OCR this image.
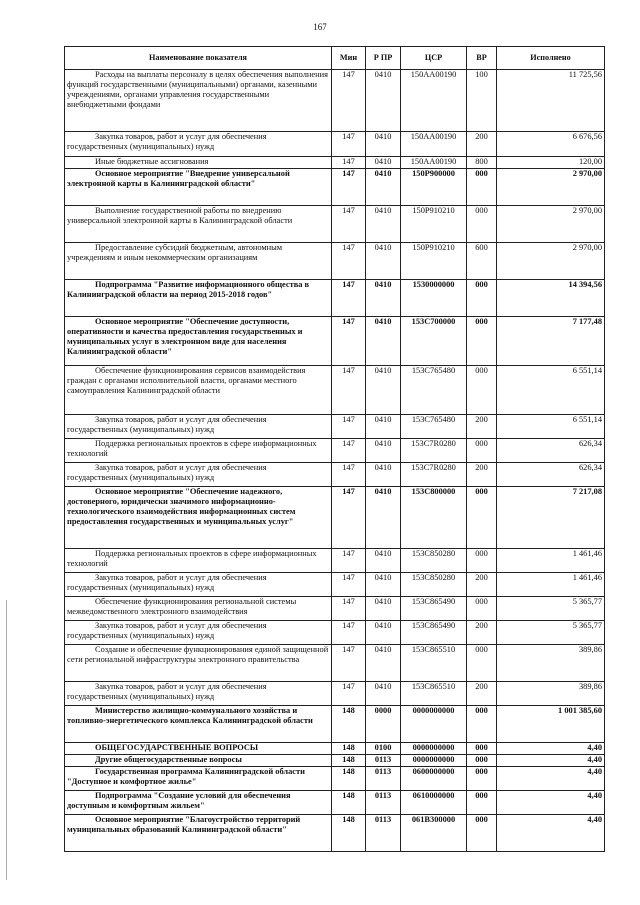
167
Наименование показателя	Мин	Р ПР	ЦСР	ВР	Исполнено
Расходы на выплаты персоналу в целях обеспечения выполнения функций государственными (муниципальными) органами, казенными учреждениями, органами управления государственными внебюджетными фондами	147	0410	150АА00190	100	11 725,56
Закупка товаров, работ и услуг для обеспечения государственных (муниципальных) нужд	147	0410	150АА00190	200	6 676,56
Иные бюджетные ассигнования	147	0410	150АА00190	800	120,00
Основное мероприятие "Внедрение универсальной электронной карты в Калининградской области"	147	0410	150Р900000	000	2 970,00
Выполнение государственной работы по внедрению универсальной электронной карты в Калининградской области	147	0410	150Р910210	000	2 970,00
Предоставление субсидий бюджетным, автономным учреждениям и иным некоммерческим организациям	147	0410	150Р910210	600	2 970,00
Подпрограмма "Развитие информационного общества в Калининградской области на период 2015-2018 годов"	147	0410	1530000000	000	14 394,56
Основное мероприятие "Обеспечение доступности, оперативности и качества предоставления государственных и муниципальных услуг в электронном виде для населения Калининградской области"	147	0410	153С700000	000	7 177,48
Обеспечение функционирования сервисов взаимодействия граждан с органами исполнительной власти, органами местного самоуправления Калининградской области	147	0410	153С765480	000	6 551,14
Закупка товаров, работ и услуг для обеспечения государственных (муниципальных) нужд	147	0410	153С765480	200	6 551,14
Поддержка региональных проектов в сфере информационных технологий	147	0410	153С7R0280	000	626,34
Закупка товаров, работ и услуг для обеспечения государственных (муниципальных) нужд	147	0410	153С7R0280	200	626,34
Основное мероприятие "Обеспечение надежного, достоверного, юридически значимого информационно-технологического взаимодействия информационных систем предоставления государственных и муниципальных услуг"	147	0410	153С800000	000	7 217,08
Поддержка региональных проектов в сфере информационных технологий	147	0410	153С850280	000	1 461,46
Закупка товаров, работ и услуг для обеспечения государственных (муниципальных) нужд	147	0410	153С850280	200	1 461,46
Обеспечение функционирования региональной системы межведомственного электронного взаимодействия	147	0410	153С865490	000	5 365,77
Закупка товаров, работ и услуг для обеспечения государственных (муниципальных) нужд	147	0410	153С865490	200	5 365,77
Создание и обеспечение функционирования единой защищенной сети региональной инфраструктуры электронного правительства	147	0410	153С865510	000	389,86
Закупка товаров, работ и услуг для обеспечения государственных (муниципальных) нужд	147	0410	153С865510	200	389,86
Министерство жилищно-коммунального хозяйства и топливно-энергетического комплекса Калининградской области	148	0000	0000000000	000	1 001 385,60
ОБЩЕГОСУДАРСТВЕННЫЕ ВОПРОСЫ	148	0100	0000000000	000	4,40
Другие общегосударственные вопросы	148	0113	0000000000	000	4,40
Государственная программа Калининградской области "Доступное и комфортное жилье"	148	0113	0600000000	000	4,40
Подпрограмма "Создание условий для обеспечения доступным и комфортным жильем"	148	0113	0610000000	000	4,40
Основное мероприятие "Благоустройство территорий муниципальных образований Калининградской области"	148	0113	061В300000	000	4,40
